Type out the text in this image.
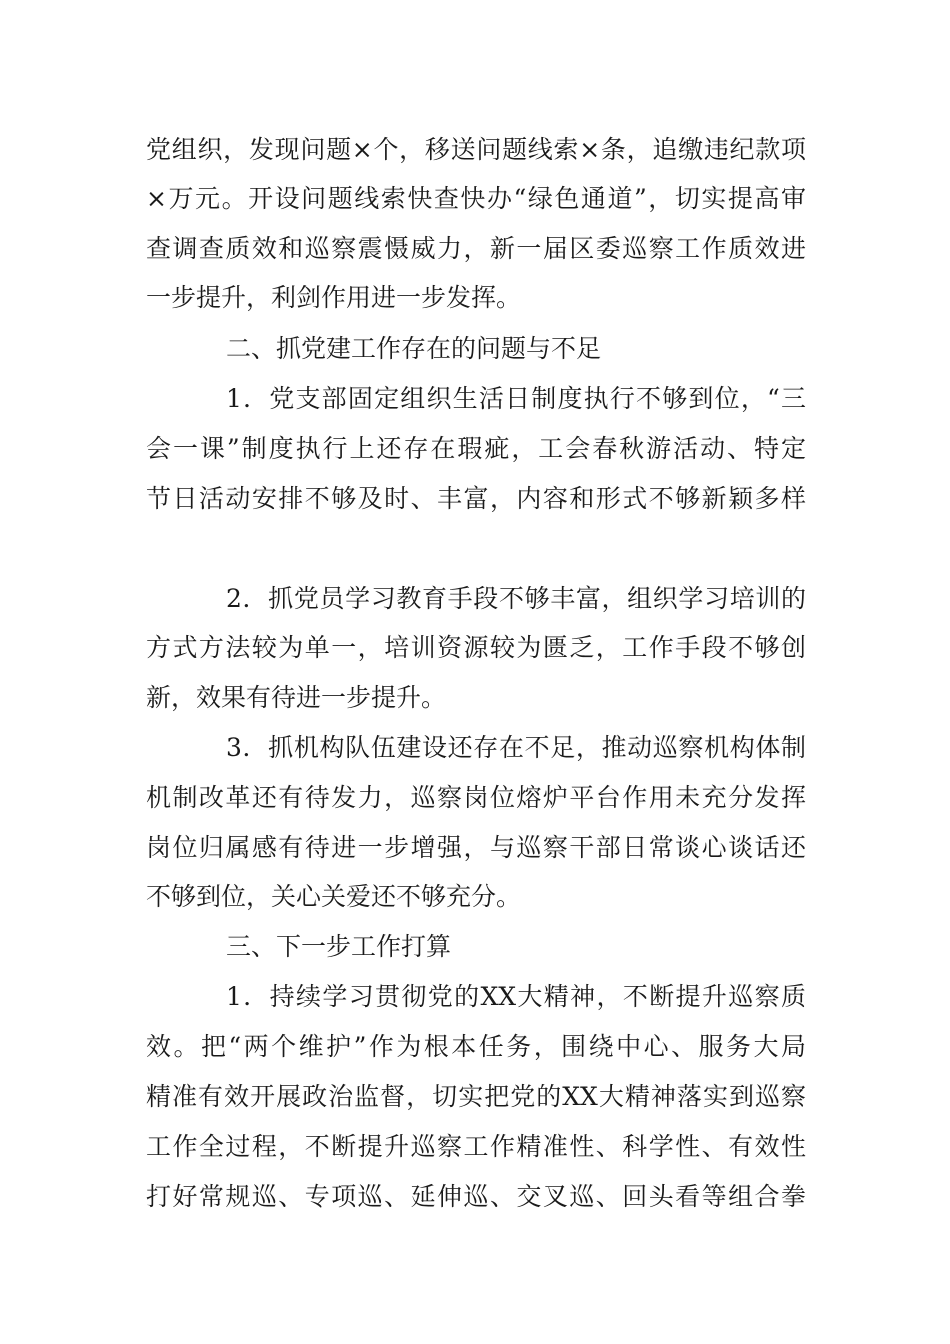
党组织，发现问题×个，移送问题线索×条，追缴违纪款项
×万元。开设问题线索快查快办“绿色通道”，切实提高审
查调查质效和巡察震慑威力，新一届区委巡察工作质效进
一步提升，利剑作用进一步发挥。
二、抓党建工作存在的问题与不足
1．党支部固定组织生活日制度执行不够到位，“三
会一课”制度执行上还存在瑕疵，工会春秋游活动、特定
节日活动安排不够及时、丰富，内容和形式不够新颖多样
2．抓党员学习教育手段不够丰富，组织学习培训的
方式方法较为单一，培训资源较为匮乏，工作手段不够创
新，效果有待进一步提升。
3．抓机构队伍建设还存在不足，推动巡察机构体制
机制改革还有待发力，巡察岗位熔炉平台作用未充分发挥
岗位归属感有待进一步增强，与巡察干部日常谈心谈话还
不够到位，关心关爱还不够充分。
三、下一步工作打算
1．持续学习贯彻党的XX大精神，不断提升巡察质
效。把“两个维护”作为根本任务，围绕中心、服务大局
精准有效开展政治监督，切实把党的XX大精神落实到巡察
工作全过程，不断提升巡察工作精准性、科学性、有效性
打好常规巡、专项巡、延伸巡、交叉巡、回头看等组合拳
